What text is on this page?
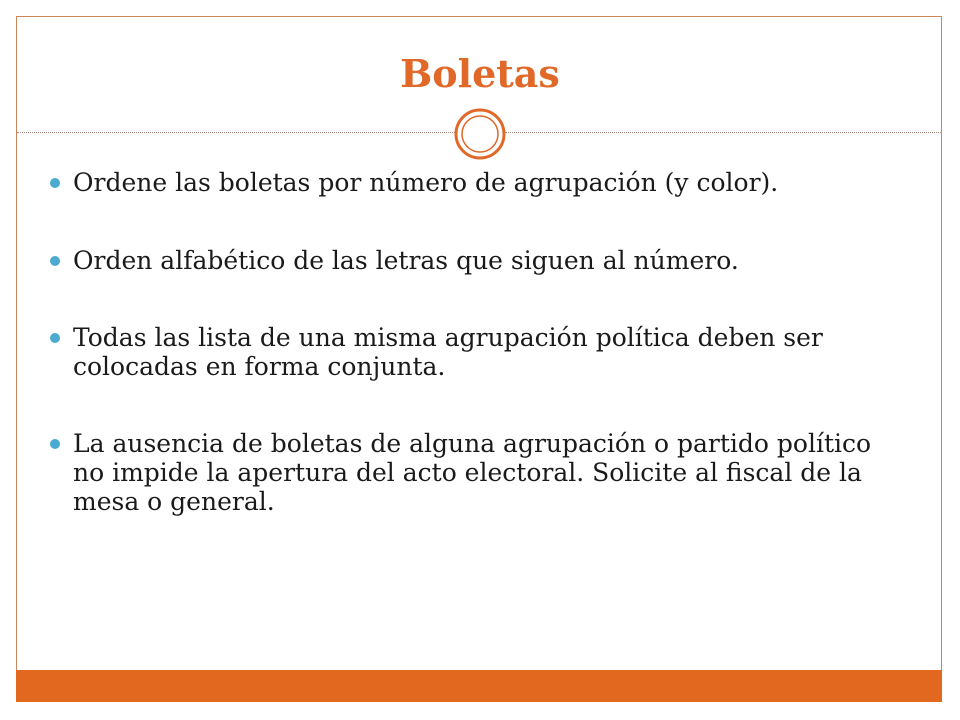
Boletas
Ordene las boletas por número de agrupación (y color).
Orden alfabético de las letras que siguen al número.
Todas las lista de una misma agrupación política deben ser colocadas en forma conjunta.
La ausencia de boletas de alguna agrupación o partido político no impide la apertura del acto electoral. Solicite al fiscal de la mesa o general.
